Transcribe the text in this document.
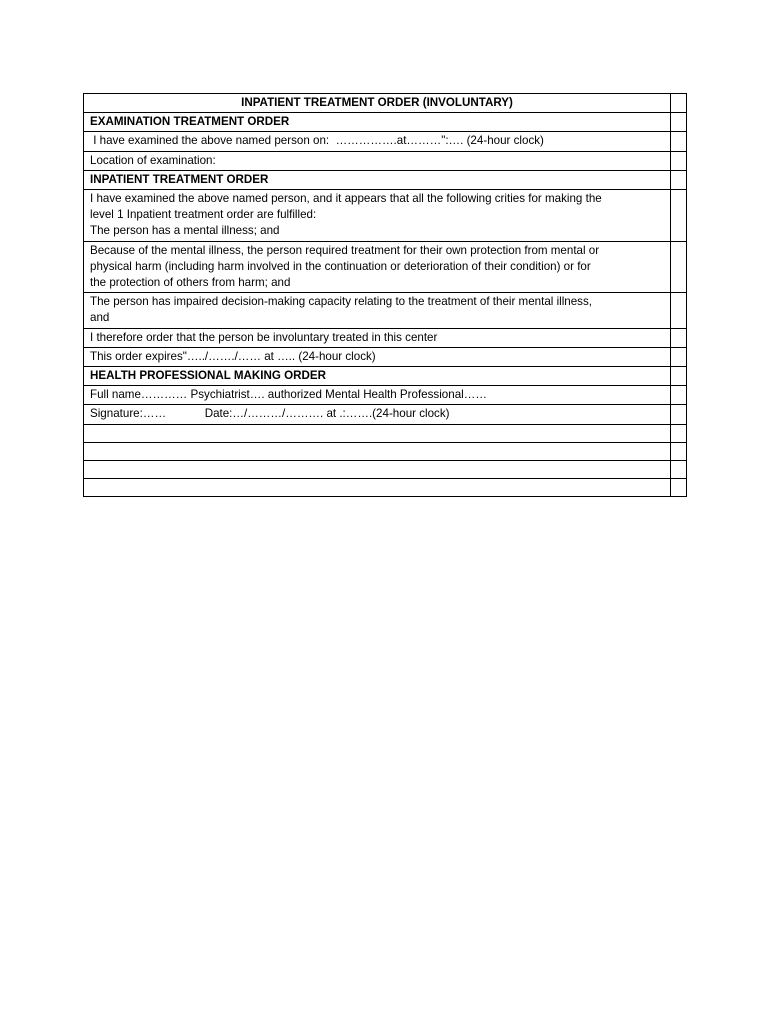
INPATIENT TREATMENT ORDER (INVOLUNTARY)	
EXAMINATION TREATMENT ORDER	
I have examined the above named person on:  …………….at………":…. (24-hour clock)	
Location of examination:	
INPATIENT TREATMENT ORDER	

I have examined the above named person, and it appears that all the following crities for making the
level 1 Inpatient treatment order are fulfilled:
The person has a mental illness; and	

Because of the mental illness, the person required treatment for their own protection from mental or
physical harm (including harm involved in the continuation or deterioration of their condition) or for
the protection of others from harm; and	

The person has impaired decision-making capacity relating to the treatment of their mental illness,
and	

I therefore order that the person be involuntary treated in this center	
This order expires"…../……./…… at ….. (24-hour clock)	
HEALTH PROFESSIONAL MAKING ORDER	
Full name………… Psychiatrist…. authorized Mental Health Professional……	
Signature:……            Date:…/………/………. at .:…….(24-hour clock)	
